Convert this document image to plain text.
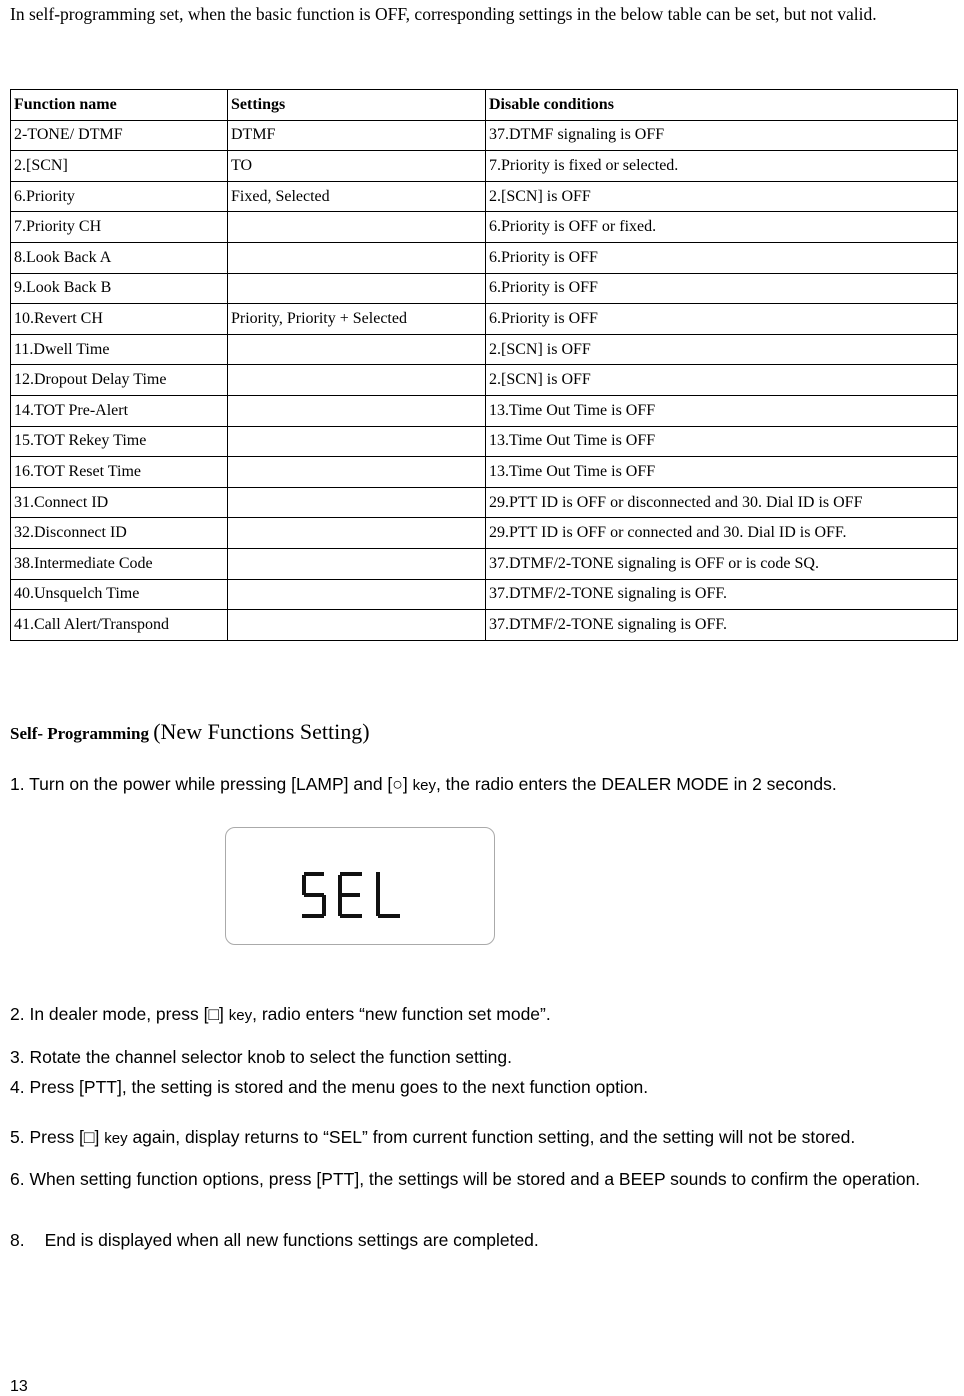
In self-programming set, when the basic function is OFF, corresponding settings in the below table can be set, but not valid.
Function name	Settings	Disable conditions
2-TONE/ DTMF	DTMF	37.DTMF signaling is OFF
2.[SCN]	TO	7.Priority is fixed or selected.
6.Priority	Fixed, Selected	2.[SCN] is OFF
7.Priority CH		6.Priority is OFF or fixed.
8.Look Back A		6.Priority is OFF
9.Look Back B		6.Priority is OFF
10.Revert CH	Priority, Priority + Selected	6.Priority is OFF
11.Dwell Time		2.[SCN] is OFF
12.Dropout Delay Time		2.[SCN] is OFF
14.TOT Pre-Alert		13.Time Out Time is OFF
15.TOT Rekey Time		13.Time Out Time is OFF
16.TOT Reset Time		13.Time Out Time is OFF
31.Connect ID		29.PTT ID is OFF or disconnected and 30. Dial ID is OFF
32.Disconnect ID		29.PTT ID is OFF or connected and 30. Dial ID is OFF.
38.Intermediate Code		37.DTMF/2-TONE signaling is OFF or is code SQ.
40.Unsquelch Time		37.DTMF/2-TONE signaling is OFF.
41.Call Alert/Transpond		37.DTMF/2-TONE signaling is OFF.
Self- Programming (New Functions Setting)
1. Turn on the power while pressing [LAMP] and [○] key, the radio enters the DEALER MODE in 2 seconds.
2. In dealer mode, press [□] key, radio enters “new function set mode”.
3. Rotate the channel selector knob to select the function setting.
4. Press [PTT], the setting is stored and the menu goes to the next function option.
5. Press [□] key again, display returns to “SEL” from current function setting, and the setting will not be stored.
6. When setting function options, press [PTT], the settings will be stored and a BEEP sounds to confirm the operation.
8. End is displayed when all new functions settings are completed.
13
